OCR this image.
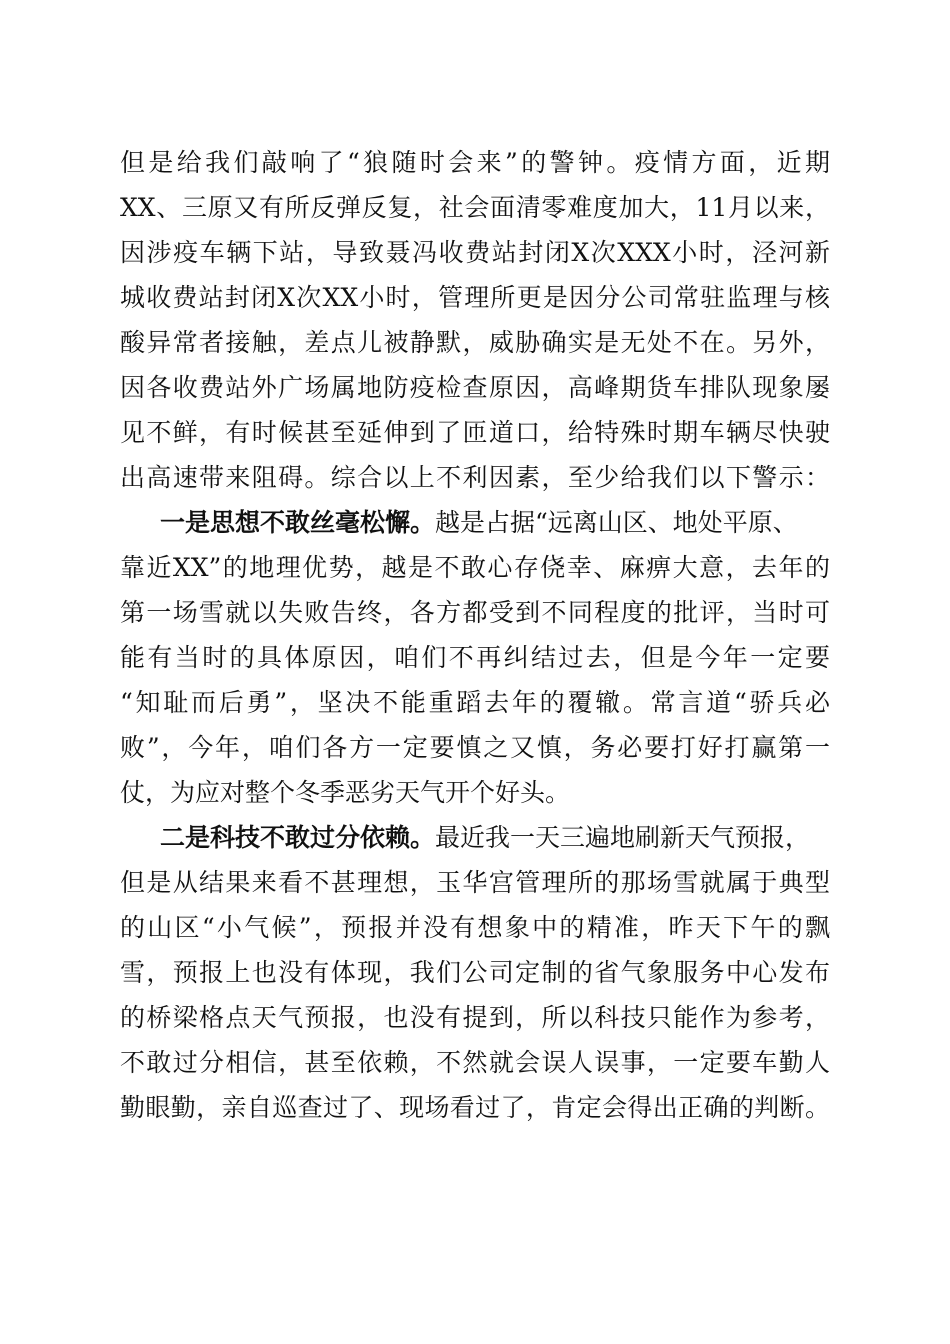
但是给我们敲响了“狼随时会来”的警钟。疫情方面，近期
XX、三原又有所反弹反复，社会面清零难度加大，11月以来，
因涉疫车辆下站，导致聂冯收费站封闭X次XXX小时，泾河新
城收费站封闭X次XX小时，管理所更是因分公司常驻监理与核
酸异常者接触，差点儿被静默，威胁确实是无处不在。另外，
因各收费站外广场属地防疫检查原因，高峰期货车排队现象屡
见不鲜，有时候甚至延伸到了匝道口，给特殊时期车辆尽快驶
出高速带来阻碍。综合以上不利因素，至少给我们以下警示：
一是思想不敢丝毫松懈。越是占据“远离山区、地处平原、
靠近XX”的地理优势，越是不敢心存侥幸、麻痹大意，去年的
第一场雪就以失败告终，各方都受到不同程度的批评，当时可
能有当时的具体原因，咱们不再纠结过去，但是今年一定要
“知耻而后勇”，坚决不能重蹈去年的覆辙。常言道“骄兵必
败”，今年，咱们各方一定要慎之又慎，务必要打好打赢第一
仗，为应对整个冬季恶劣天气开个好头。
二是科技不敢过分依赖。最近我一天三遍地刷新天气预报，
但是从结果来看不甚理想，玉华宫管理所的那场雪就属于典型
的山区“小气候”，预报并没有想象中的精准，昨天下午的飘
雪，预报上也没有体现，我们公司定制的省气象服务中心发布
的桥梁格点天气预报，也没有提到，所以科技只能作为参考，
不敢过分相信，甚至依赖，不然就会误人误事，一定要车勤人
勤眼勤，亲自巡查过了、现场看过了，肯定会得出正确的判断。
